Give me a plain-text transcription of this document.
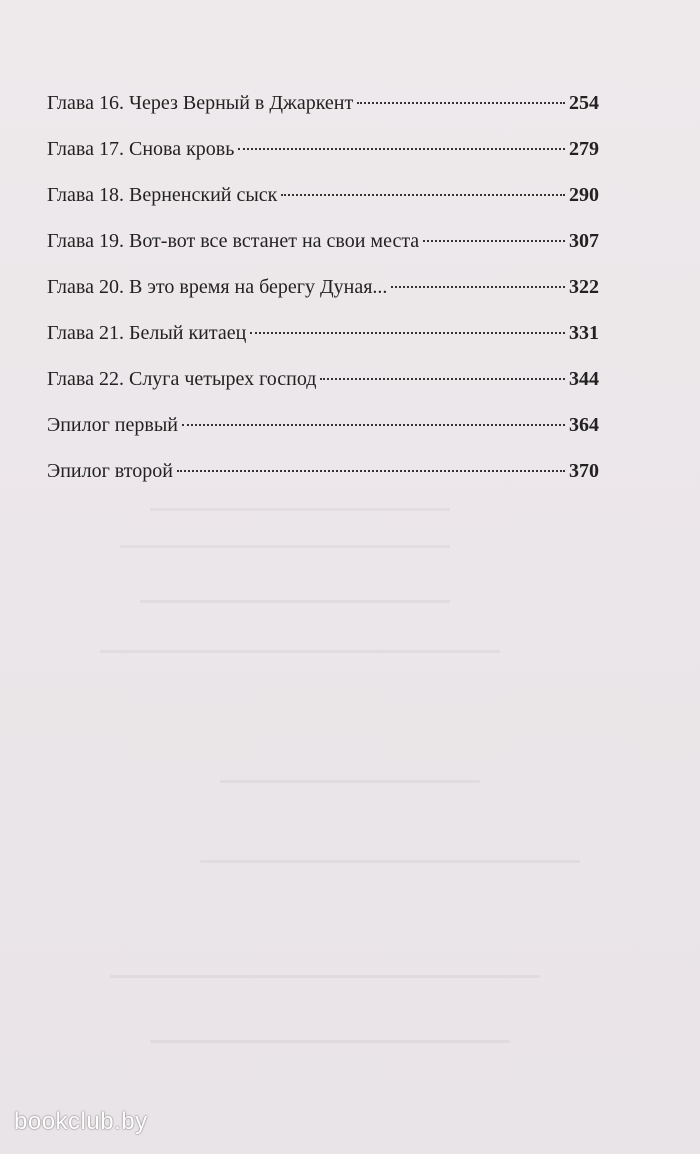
Глава 16. Через Верный в Джаркент	254
Глава 17. Снова кровь	279
Глава 18. Верненский сыск	290
Глава 19. Вот-вот все встанет на свои места	307
Глава 20. В это время на берегу Дуная...	322
Глава 21. Белый китаец	331
Глава 22. Слуга четырех господ	344
Эпилог первый	364
Эпилог второй	370
bookclub.by
